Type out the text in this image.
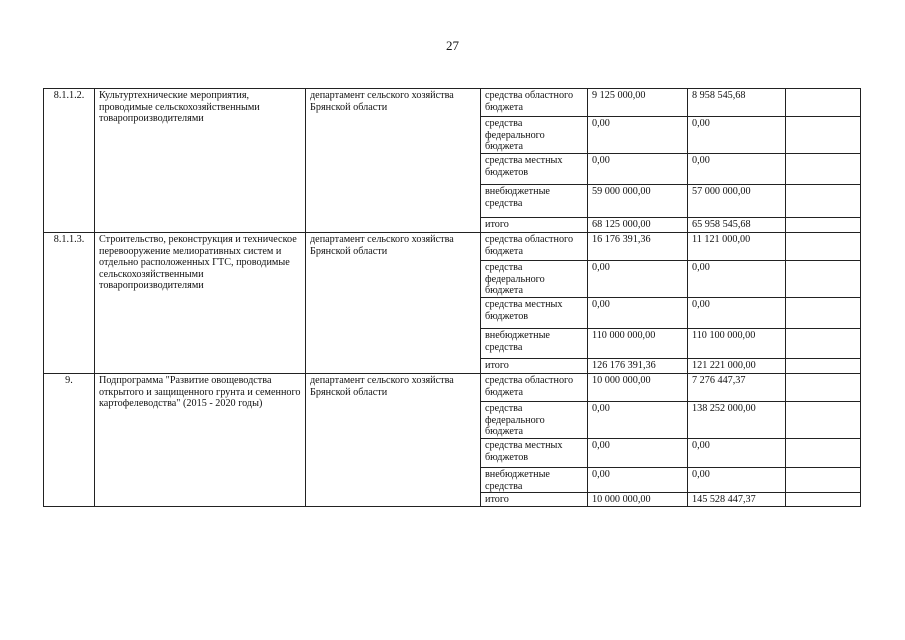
27
8.1.1.2.	Культуртехнические мероприятия, проводимые сельскохозяйственными товаропроизводителями	департамент сельского хозяйства Брянской области	средства областного бюджета	9 125 000,00	8 958 545,68	
			средства федерального бюджета	0,00	0,00	
			средства местных бюджетов	0,00	0,00	
			внебюджетные средства	59 000 000,00	57 000 000,00	
			итого	68 125 000,00	65 958 545,68	
8.1.1.3.	Строительство, реконструкция и техническое перевооружение мелиоративных систем и отдельно расположенных ГТС, проводимые сельскохозяйственными товаропроизводителями	департамент сельского хозяйства Брянской области	средства областного бюджета	16 176 391,36	11 121 000,00	
			средства федерального бюджета	0,00	0,00	
			средства местных бюджетов	0,00	0,00	
			внебюджетные средства	110 000 000,00	110 100 000,00	
			итого	126 176 391,36	121 221 000,00	
9.	Подпрограмма "Развитие овощеводства открытого и защищенного грунта и семенного картофелеводства" (2015 - 2020 годы)	департамент сельского хозяйства Брянской области	средства областного бюджета	10 000 000,00	7 276 447,37	
			средства федерального бюджета	0,00	138 252 000,00	
			средства местных бюджетов	0,00	0,00	
			внебюджетные средства	0,00	0,00	
			итого	10 000 000,00	145 528 447,37	
